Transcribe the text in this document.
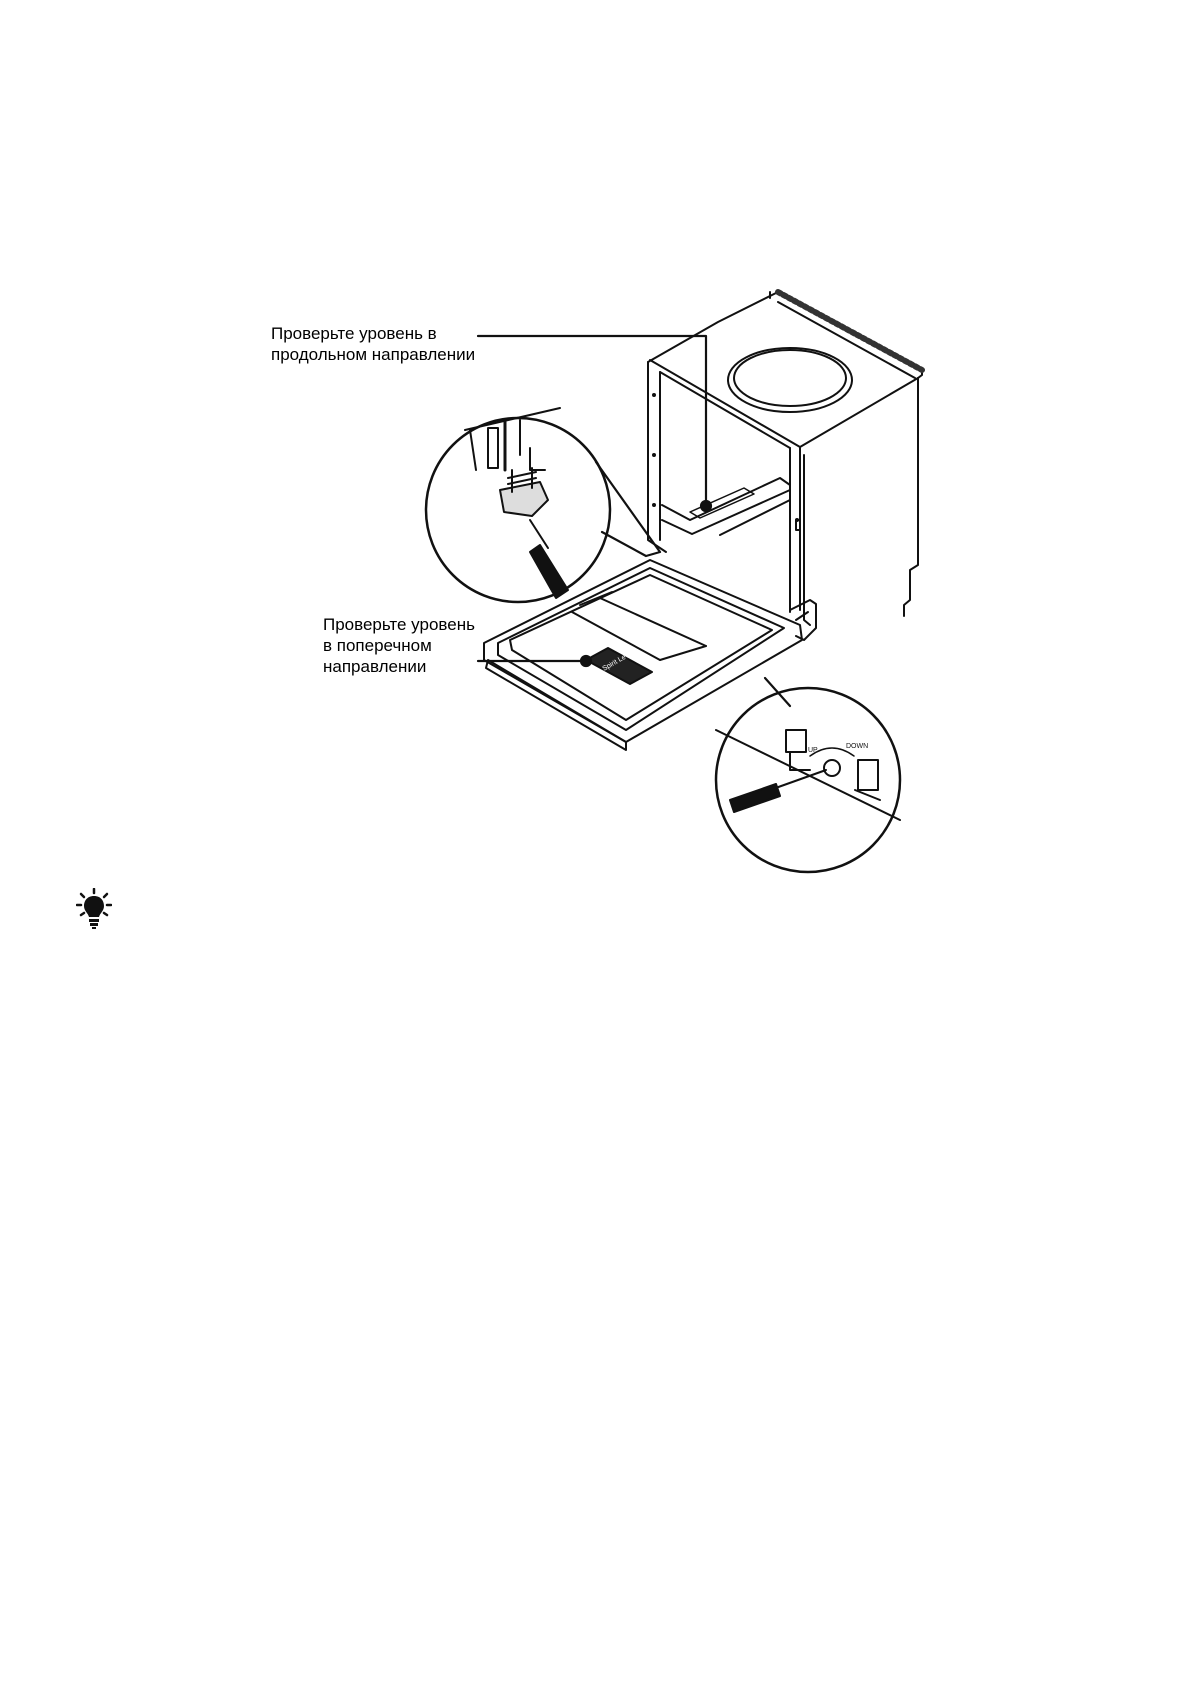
Spirit Level
UP
DOWN
Проверьте уровень в
продольном направлении
Проверьте уровень
в поперечном
направлении
